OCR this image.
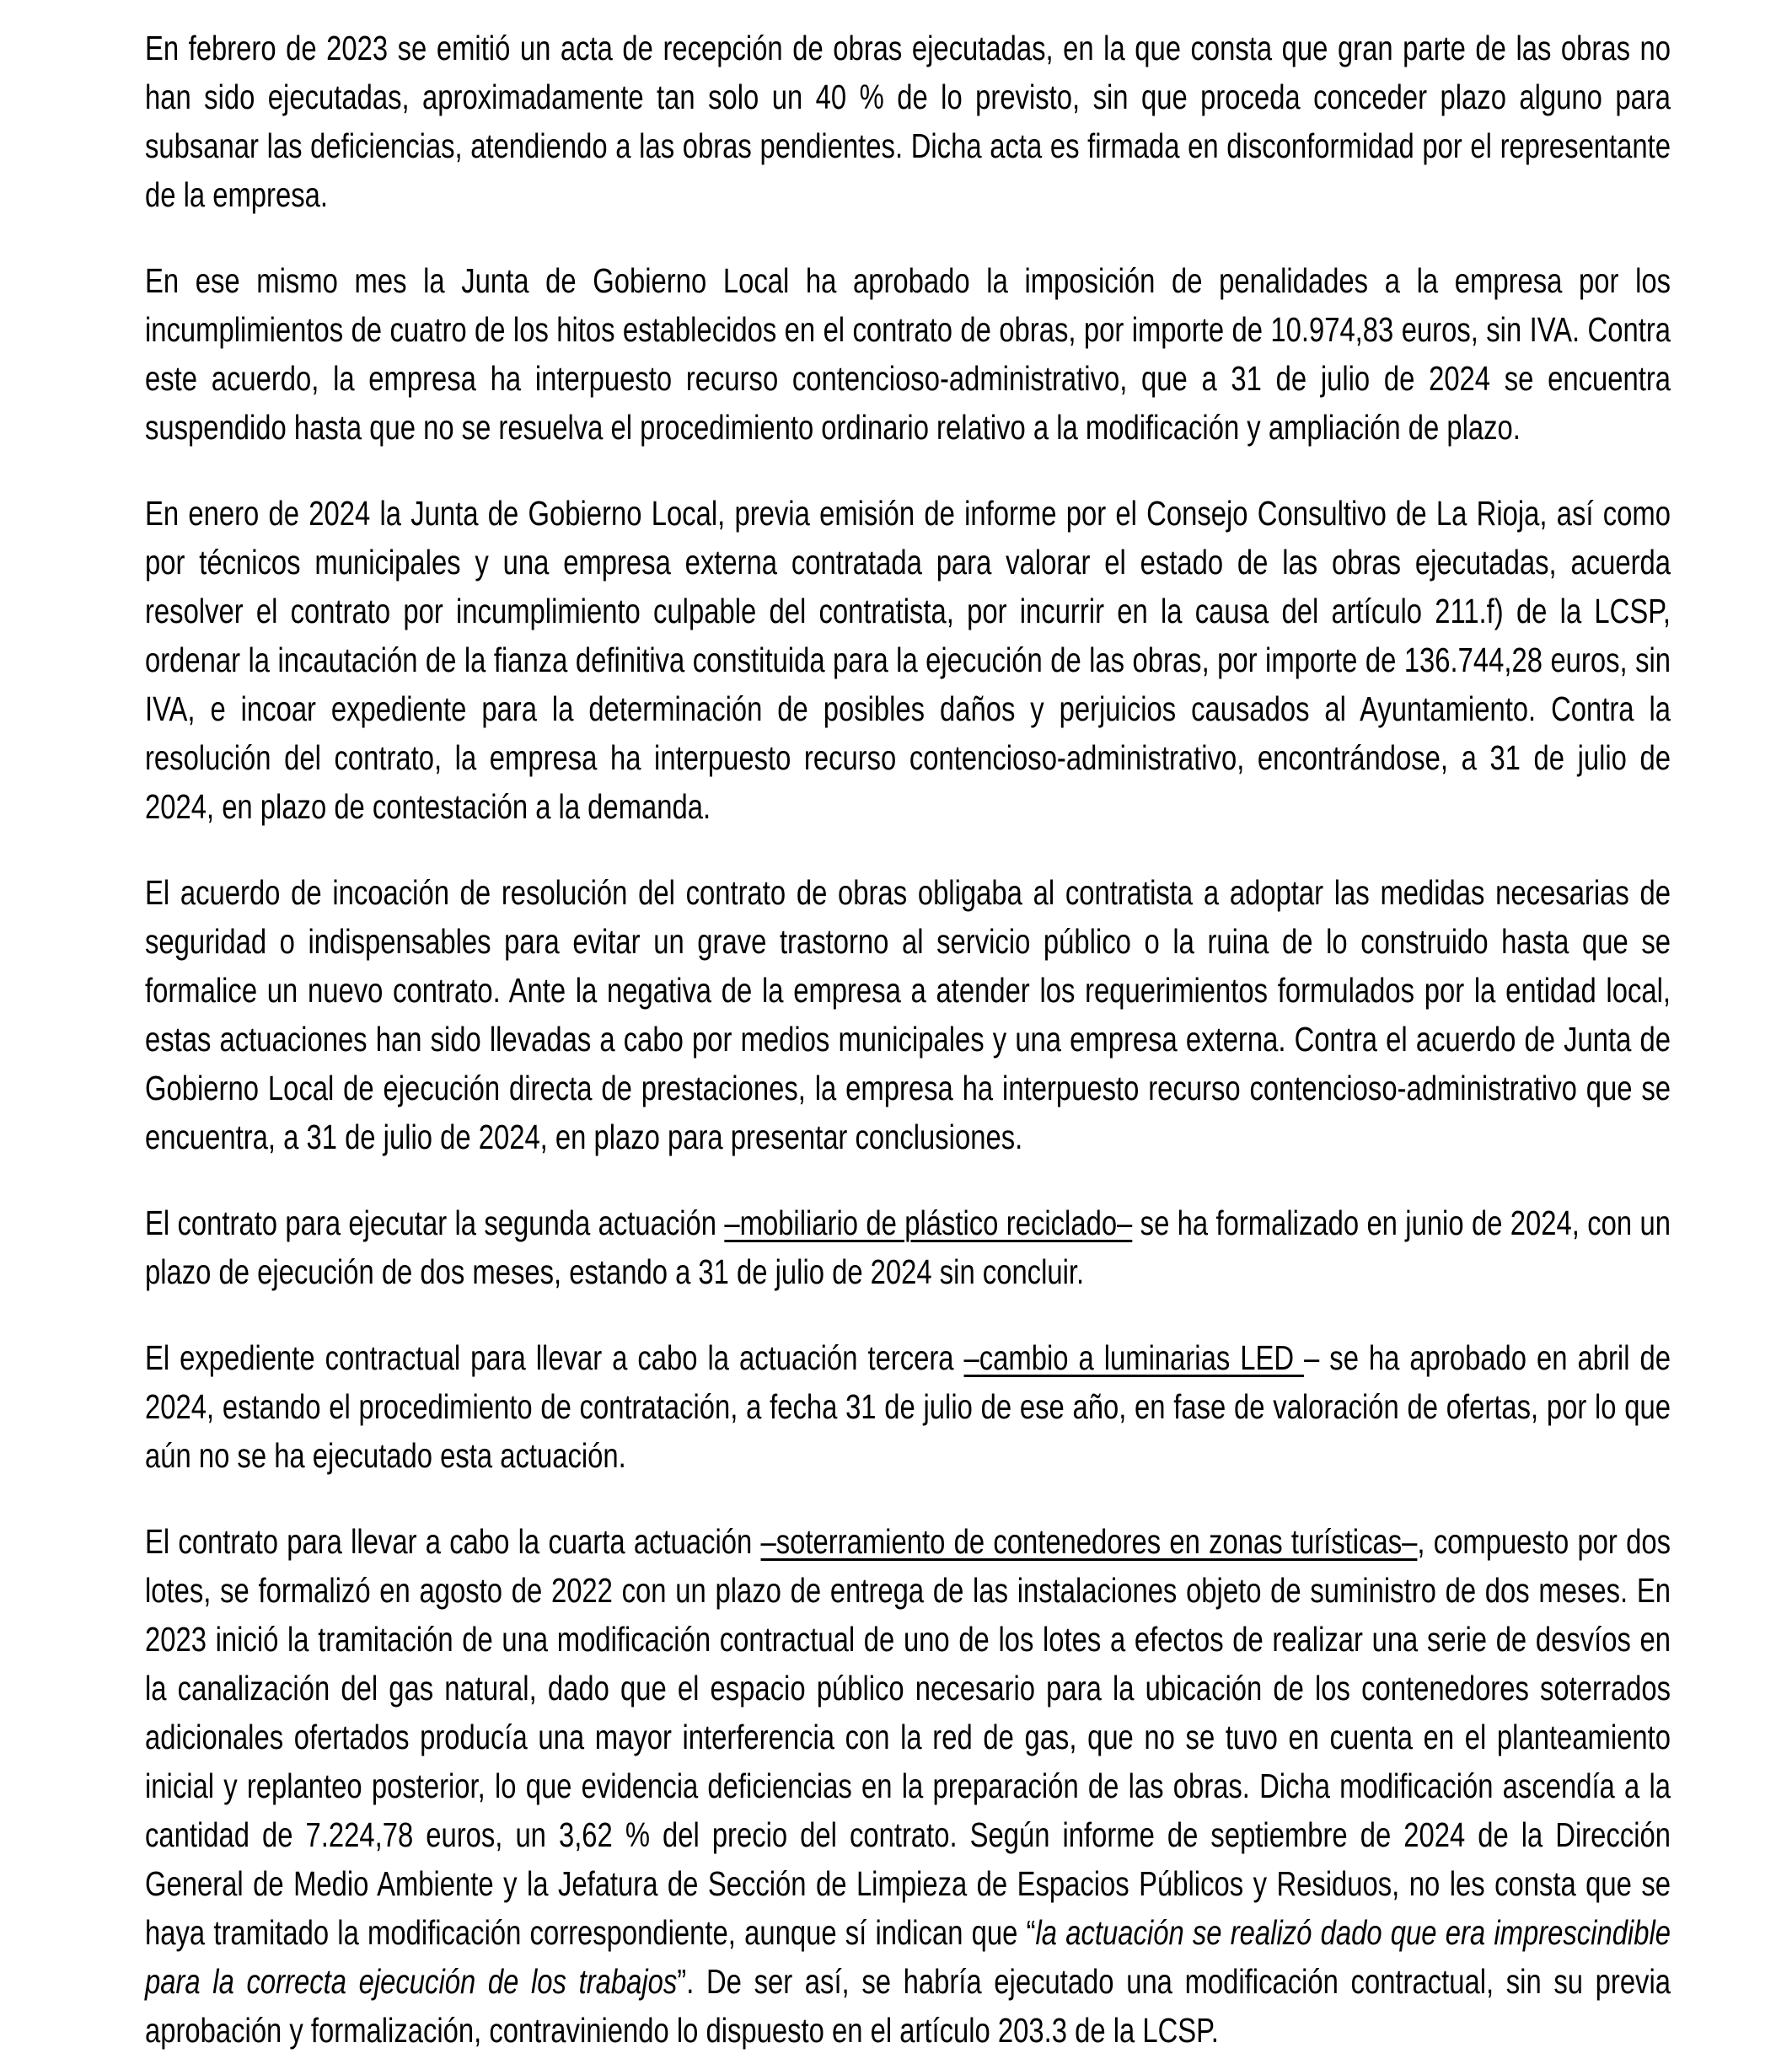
En febrero de 2023 se emitió un acta de recepción de obras ejecutadas, en la que consta que gran parte de las obras no han sido ejecutadas, aproximadamente tan solo un 40 % de lo previsto, sin que proceda conceder plazo alguno para subsanar las deficiencias, atendiendo a las obras pendientes. Dicha acta es firmada en disconformidad por el representante de la empresa.

En ese mismo mes la Junta de Gobierno Local ha aprobado la imposición de penalidades a la empresa por los incumplimientos de cuatro de los hitos establecidos en el contrato de obras, por importe de 10.974,83 euros, sin IVA. Contra este acuerdo, la empresa ha interpuesto recurso contencioso-administrativo, que a 31 de julio de 2024 se encuentra suspendido hasta que no se resuelva el procedimiento ordinario relativo a la modificación y ampliación de plazo.

En enero de 2024 la Junta de Gobierno Local, previa emisión de informe por el Consejo Consultivo de La Rioja, así como por técnicos municipales y una empresa externa contratada para valorar el estado de las obras ejecutadas, acuerda resolver el contrato por incumplimiento culpable del contratista, por incurrir en la causa del artículo 211.f) de la LCSP, ordenar la incautación de la fianza definitiva constituida para la ejecución de las obras, por importe de 136.744,28 euros, sin IVA, e incoar expediente para la determinación de posibles daños y perjuicios causados al Ayuntamiento. Contra la resolución del contrato, la empresa ha interpuesto recurso contencioso-administrativo, encontrándose, a 31 de julio de 2024, en plazo de contestación a la demanda.

El acuerdo de incoación de resolución del contrato de obras obligaba al contratista a adoptar las medidas necesarias de seguridad o indispensables para evitar un grave trastorno al servicio público o la ruina de lo construido hasta que se formalice un nuevo contrato. Ante la negativa de la empresa a atender los requerimientos formulados por la entidad local, estas actuaciones han sido llevadas a cabo por medios municipales y una empresa externa. Contra el acuerdo de Junta de Gobierno Local de ejecución directa de prestaciones, la empresa ha interpuesto recurso contencioso-administrativo que se encuentra, a 31 de julio de 2024, en plazo para presentar conclusiones.

El contrato para ejecutar la segunda actuación –mobiliario de plástico reciclado– se ha formalizado en junio de 2024, con un plazo de ejecución de dos meses, estando a 31 de julio de 2024 sin concluir.

El expediente contractual para llevar a cabo la actuación tercera –cambio a luminarias LED – se ha aprobado en abril de 2024, estando el procedimiento de contratación, a fecha 31 de julio de ese año, en fase de valoración de ofertas, por lo que aún no se ha ejecutado esta actuación.

El contrato para llevar a cabo la cuarta actuación –soterramiento de contenedores en zonas turísticas–, compuesto por dos lotes, se formalizó en agosto de 2022 con un plazo de entrega de las instalaciones objeto de suministro de dos meses. En 2023 inició la tramitación de una modificación contractual de uno de los lotes a efectos de realizar una serie de desvíos en la canalización del gas natural, dado que el espacio público necesario para la ubicación de los contenedores soterrados adicionales ofertados producía una mayor interferencia con la red de gas, que no se tuvo en cuenta en el planteamiento inicial y replanteo posterior, lo que evidencia deficiencias en la preparación de las obras. Dicha modificación ascendía a la cantidad de 7.224,78 euros, un 3,62 % del precio del contrato. Según informe de septiembre de 2024 de la Dirección General de Medio Ambiente y la Jefatura de Sección de Limpieza de Espacios Públicos y Residuos, no les consta que se haya tramitado la modificación correspondiente, aunque sí indican que “la actuación se realizó dado que era imprescindible para la correcta ejecución de los trabajos”. De ser así, se habría ejecutado una modificación contractual, sin su previa aprobación y formalización, contraviniendo lo dispuesto en el artículo 203.3 de la LCSP.
